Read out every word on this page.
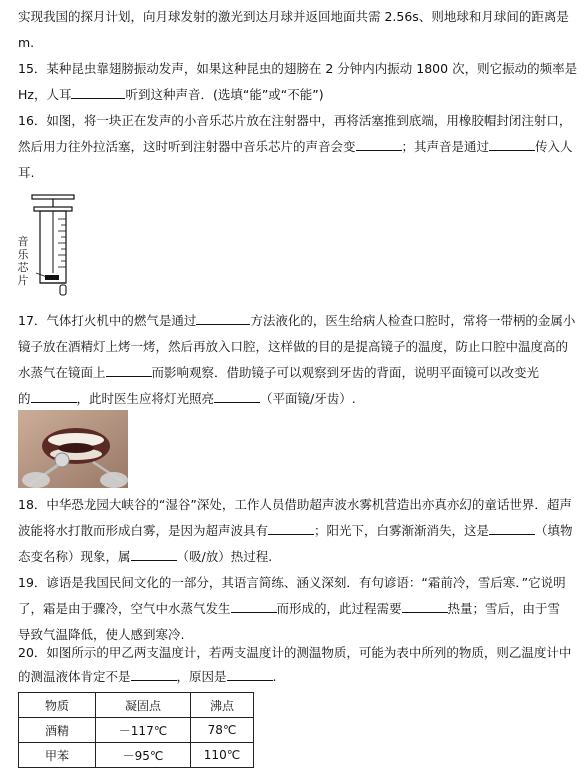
实现我国的探月计划，向月球发射的激光到达月球并返回地面共需 2.56s、则地球和月球间的距离是
m.
15．某种昆虫靠翅膀振动发声，如果这种昆虫的翅膀在 2 分钟内内振动 1800 次，则它振动的频率是
Hz，人耳	听到这种声音．(选填“能”或“不能”)
16．如图，将一块正在发声的小音乐芯片放在注射器中，再将活塞推到底端，用橡胶帽封闭注射口，
然后用力往外拉活塞，这时听到注射器中音乐芯片的声音会变	；其声音是通过	传入人
耳.
音
乐
芯
片
17．气体打火机中的燃气是通过	方法液化的，医生给病人检查口腔时，常将一带柄的金属小
镜子放在酒精灯上烤一烤，然后再放入口腔，这样做的目的是提高镜子的温度，防止口腔中温度高的
水蒸气在镜面上	而影响观察．借助镜子可以观察到牙齿的背面，说明平面镜可以改变光
的	，此时医生应将灯光照亮	（平面镜/牙齿）.
18．中华恐龙园大峡谷的“湿谷”深处，工作人员借助超声波水雾机营造出亦真亦幻的童话世界．超声
波能将水打散而形成白雾，是因为超声波具有	；阳光下，白雾渐渐消失，这是	（填物
态变名称）现象，属	（吸/放）热过程.
19．谚语是我国民间文化的一部分，其语言简练、涵义深刻．有句谚语：“霜前冷，雪后寒．”它说明
了，霜是由于骤冷，空气中水蒸气发生	而形成的，此过程需要	热量；雪后，由于雪
导致气温降低，使人感到寒冷.
20．如图所示的甲乙两支温度计，若两支温度计的测温物质，可能为表中所列的物质，则乙温度计中
的测温液体肯定不是	，原因是	.
物质	凝固点	沸点
酒精	－117℃	78℃
甲苯	－95℃	110℃
